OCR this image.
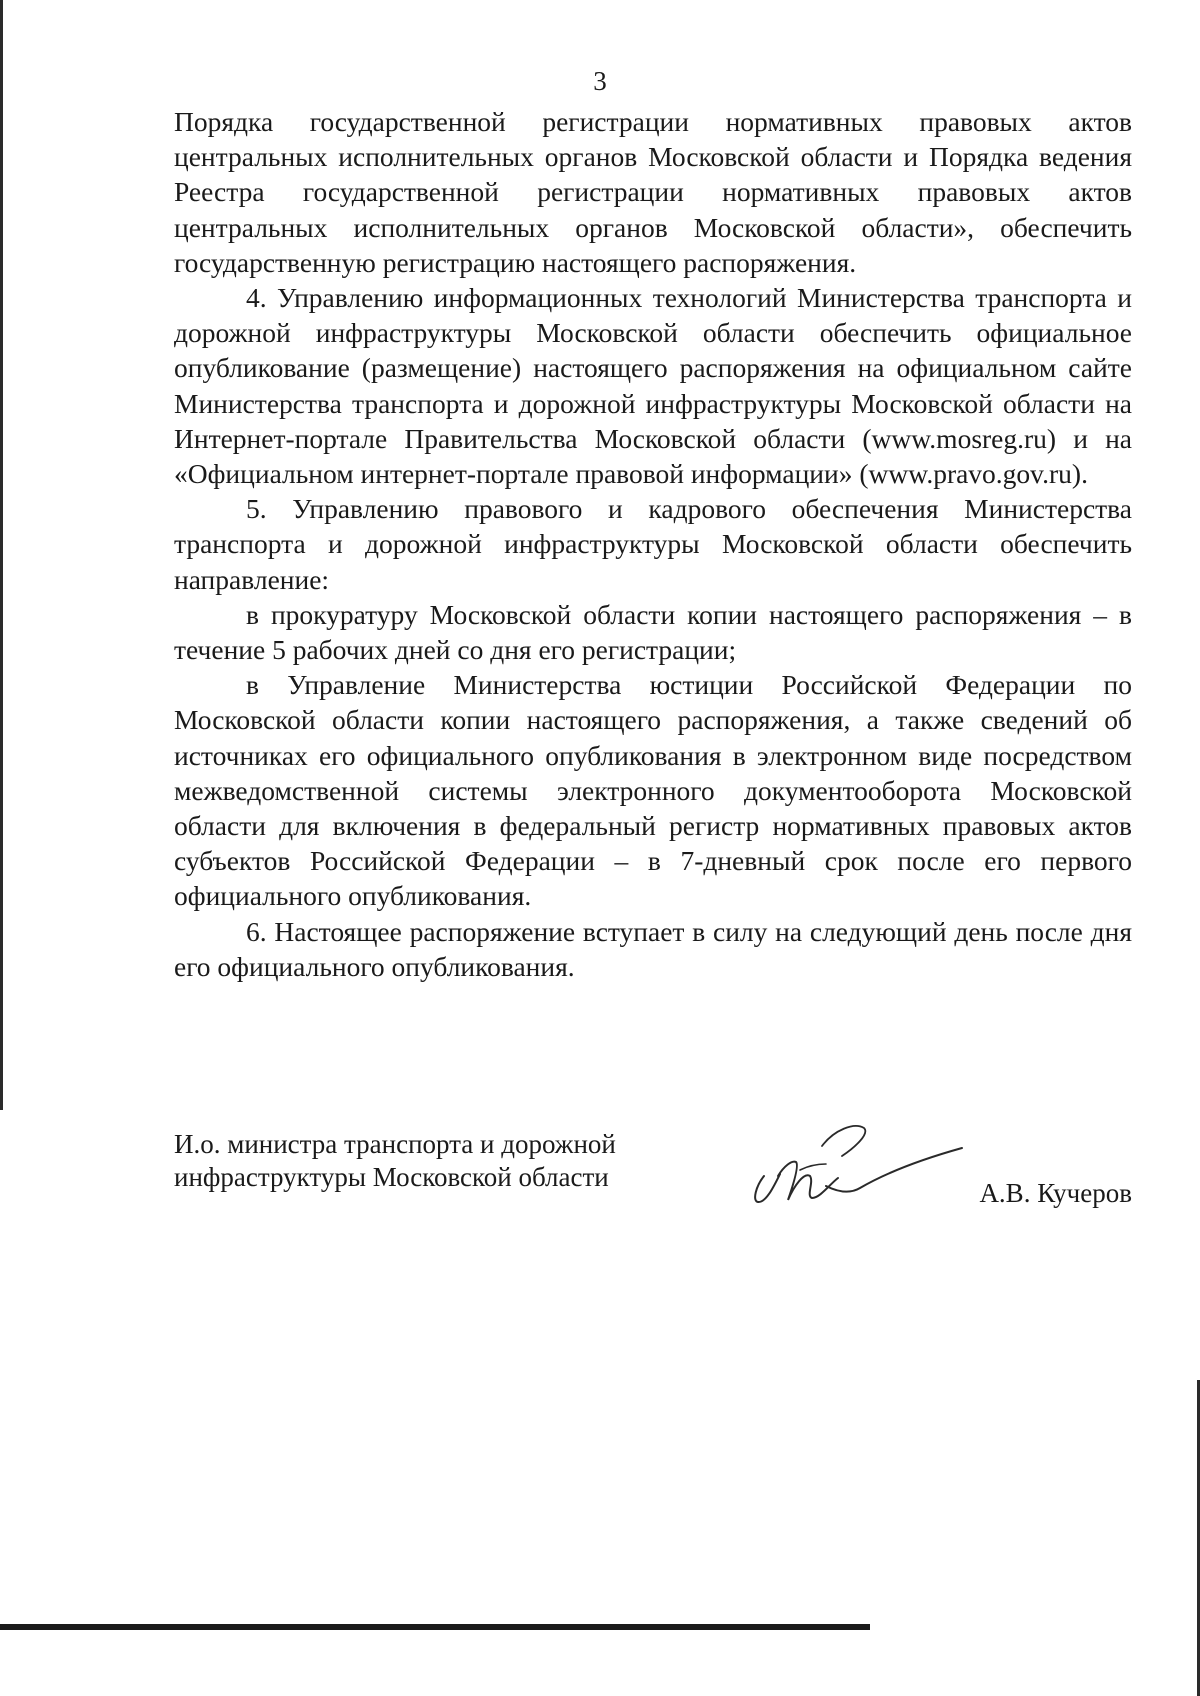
3

Порядка государственной регистрации нормативных правовых актов центральных исполнительных органов Московской области и Порядка ведения Реестра государственной регистрации нормативных правовых актов центральных исполнительных органов Московской области», обеспечить государственную регистрацию настоящего распоряжения.

4. Управлению информационных технологий Министерства транспорта и дорожной инфраструктуры Московской области обеспечить официальное опубликование (размещение) настоящего распоряжения на официальном сайте Министерства транспорта и дорожной инфраструктуры Московской области на Интернет-портале Правительства Московской области (www.mosreg.ru) и на «Официальном интернет-портале правовой информации» (www.pravo.gov.ru).

5. Управлению правового и кадрового обеспечения Министерства транспорта и дорожной инфраструктуры Московской области обеспечить направление:

в прокуратуру Московской области копии настоящего распоряжения – в течение 5 рабочих дней со дня его регистрации;

в Управление Министерства юстиции Российской Федерации по Московской области копии настоящего распоряжения, а также сведений об источниках его официального опубликования в электронном виде посредством межведомственной системы электронного документооборота Московской области для включения в федеральный регистр нормативных правовых актов субъектов Российской Федерации – в 7-дневный срок после его первого официального опубликования.

6. Настоящее распоряжение вступает в силу на следующий день после дня его официального опубликования.

И.о. министра транспорта и дорожной
инфраструктуры Московской области
А.В. Кучеров
